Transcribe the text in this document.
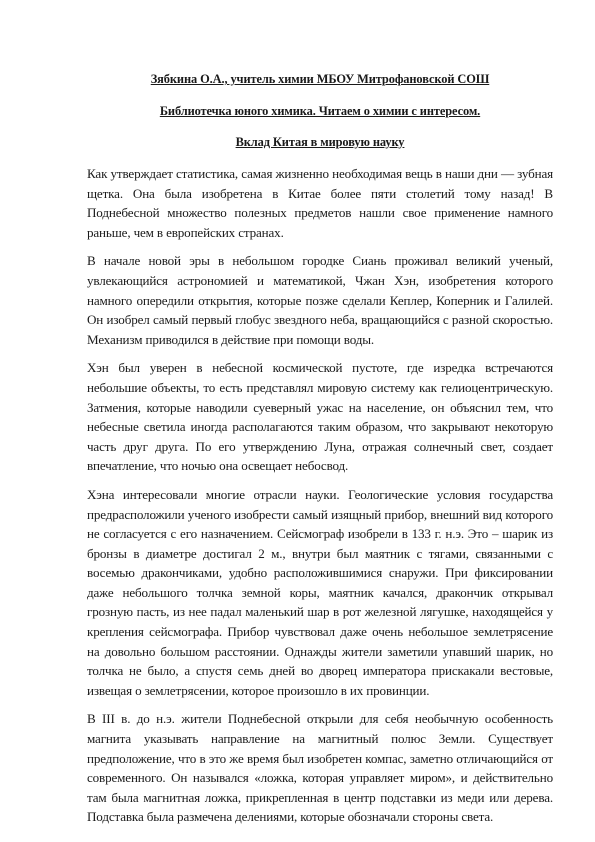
Зябкина О.А., учитель химии МБОУ Митрофановской СОШ

Библиотечка юного химика. Читаем о химии с интересом.

Вклад Китая в мировую науку

Как утверждает статистика, самая жизненно необходимая вещь в наши дни — зубная щетка. Она была изобретена в Китае более пяти столетий тому назад! В Поднебесной множество полезных предметов нашли свое применение намного раньше, чем в европейских странах.

В начале новой эры в небольшом городке Сиань проживал великий ученый, увлекающийся астрономией и математикой, Чжан Хэн, изобретения которого намного опередили открытия, которые позже сделали Кеплер, Коперник и Галилей. Он изобрел самый первый глобус звездного неба, вращающийся с разной скоростью. Механизм приводился в действие при помощи воды.

Хэн был уверен в небесной космической пустоте, где изредка встречаются небольшие объекты, то есть представлял мировую систему как гелиоцентрическую. Затмения, которые наводили суеверный ужас на население, он объяснил тем, что небесные светила иногда располагаются таким образом, что закрывают некоторую часть друг друга. По его утверждению Луна, отражая солнечный свет, создает впечатление, что ночью она освещает небосвод.

Хэна интересовали многие отрасли науки. Геологические условия государства предрасположили ученого изобрести самый изящный прибор, внешний вид которого не согласуется с его назначением. Сейсмограф изобрели в 133 г. н.э. Это – шарик из бронзы в диаметре достигал 2 м., внутри был маятник с тягами, связанными с восемью дракончиками, удобно расположившимися снаружи. При фиксировании даже небольшого толчка земной коры, маятник качался, дракончик открывал грозную пасть, из нее падал маленький шар в рот железной лягушке, находящейся у крепления сейсмографа. Прибор чувствовал даже очень небольшое землетрясение на довольно большом расстоянии. Однажды жители заметили упавший шарик, но толчка не было, а спустя семь дней во дворец императора прискакали вестовые, извещая о землетрясении, которое произошло в их провинции.

В III в. до н.э. жители Поднебесной открыли для себя необычную особенность магнита указывать направление на магнитный полюс Земли. Существует предположение, что в это же время был изобретен компас, заметно отличающийся от современного. Он назывался «ложка, которая управляет миром», и действительно там была магнитная ложка, прикрепленная в центр подставки из меди или дерева. Подставка была размечена делениями, которые обозначали стороны света.
